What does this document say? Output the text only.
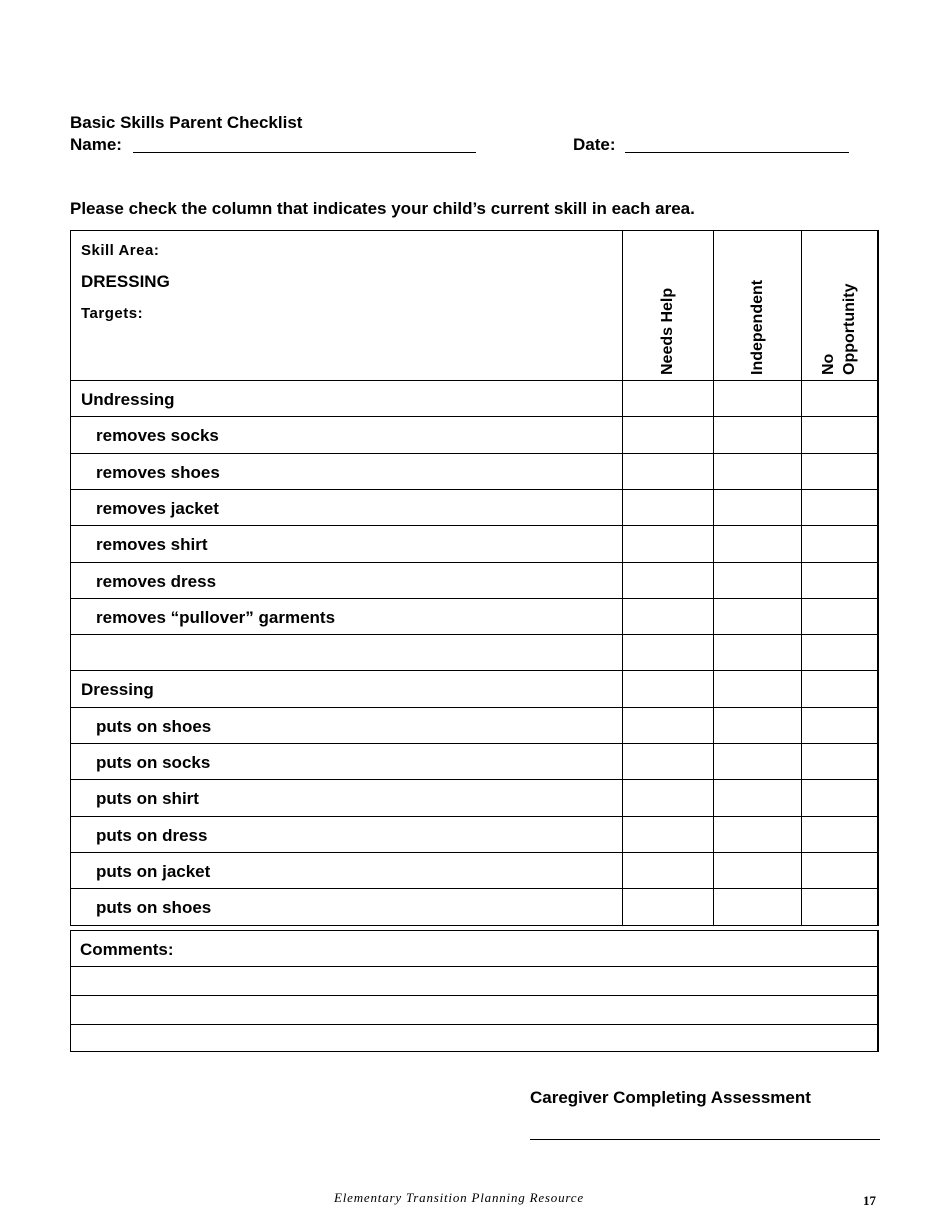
Basic Skills Parent Checklist
Name:	Date:
Please check the column that indicates your child’s current skill in each area.
Skill Area:
DRESSING
Targets:	Needs Help	Independent	No Opportunity
Undressing
removes socks
removes shoes
removes jacket
removes shirt
removes dress
removes “pullover” garments
Dressing
puts on shoes
puts on socks
puts on shirt
puts on dress
puts on jacket
puts on shoes
Comments:
Caregiver Completing Assessment
Elementary Transition Planning Resource	17
